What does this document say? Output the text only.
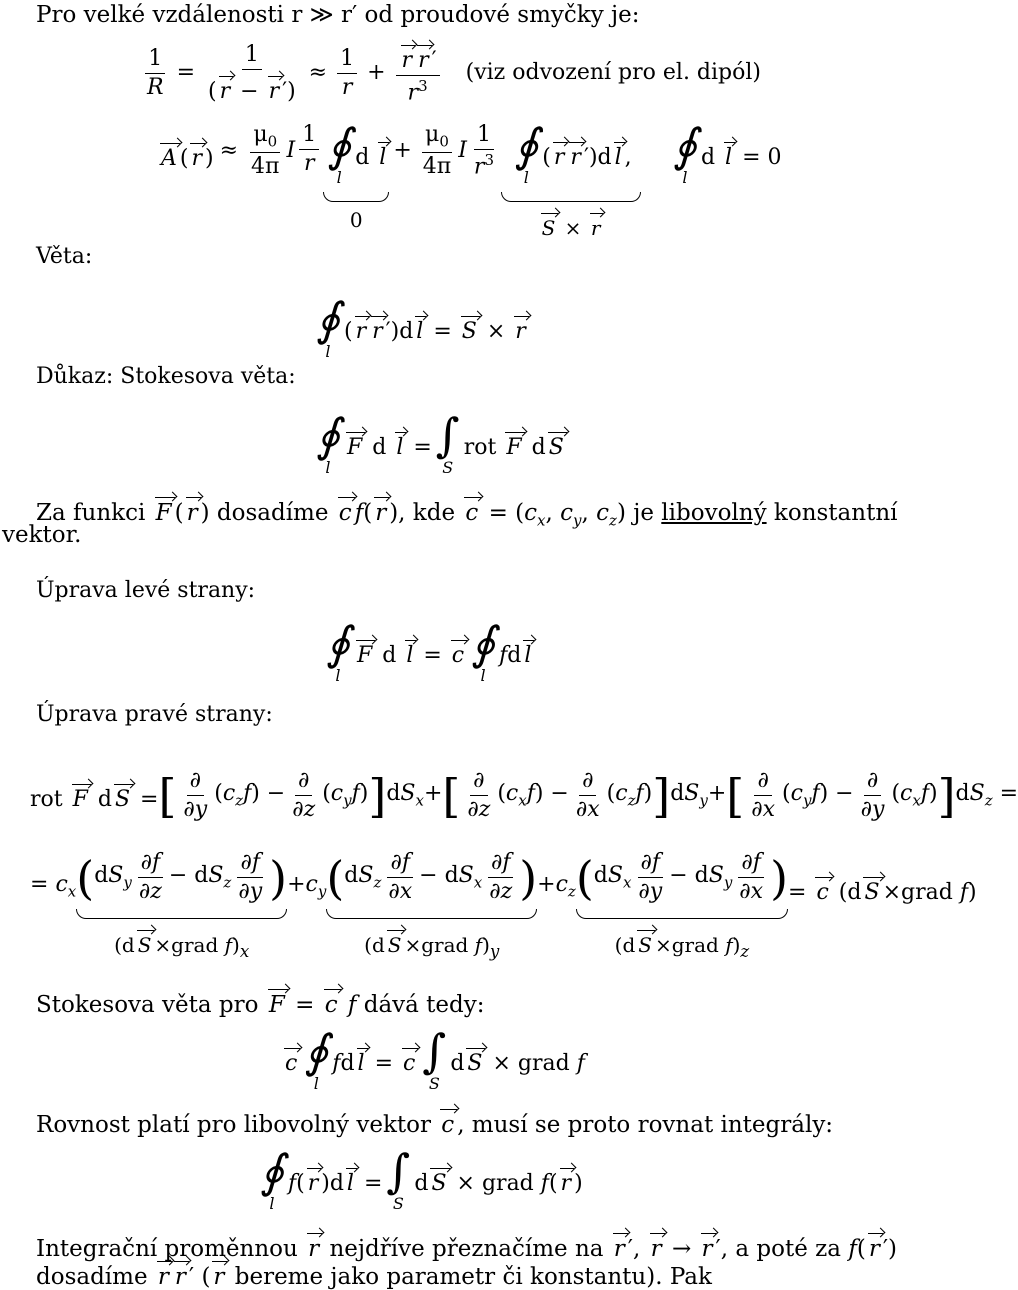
Pro velké vzdálenosti r ≫ r′ od proudové smyčky je:
$\frac{1}{R} = \frac{1}{( r - r ')} \approx \frac{1}{r} + \frac{\text{r r ′}}{r^3} (viz$ odvození pro el. dipól)
A ( r ) ≈ $\frac{\mu_0}{4\pi}$ I $\frac{1}{r}$ ∮
l
d l
0
+ $\frac{\mu_0}{4\pi}$ I $\frac{1}{r^3}$ ∮
l
( r r ′)d l ,
S × r
∮
l
d l = 0
Věta:
∮
l
( r r ′)d l = S × r
Důkaz: Stokesova věta:
∮
l
F d l = ∫
S
rot F d S
Za funkci F ( r ) dosadíme c f( r ), kde $c = (c_x$, $c_y$, $c_z$) je libovolný konstantní
vektor.
Úprava levé strany:
∮
l
F d l = c ∮
l
fd l
Úprava pravé strany:
rot F d S = [ $\frac{\partial}{\partial y} (c_zf) - \frac{\partial}{\partial z} (c_yf)$ ] $dS_x+$ [ $\frac{\partial}{\partial z} (c_xf) - \frac{\partial}{\partial x} (c_zf)$ ] $dS_y+$ [ $\frac{\partial}{\partial x} (c_yf) - \frac{\partial}{\partial y} (c_xf)$ ] $dS_z$ =
= $c_x$ ( $dS_y \frac{\partial f}{\partial z} - dS_z \frac{\partial f}{\partial y}$ )
(d S ×grad $f)_x$
$+c_y$ ( $dS_z \frac{\partial f}{\partial x} - dS_x \frac{\partial f}{\partial z}$ )
(d S ×grad $f)_y$
$+c_z$ ( $dS_x \frac{\partial f}{\partial y} - dS_y \frac{\partial f}{\partial x}$ )
(d S ×grad $f)_z$
= c (d S ×grad f)
Stokesova věta pro F = c f dává tedy:
c ∮
l
fd l = c ∫
S
d S × grad f
Rovnost platí pro libovolný vektor c , musí se proto rovnat integrály:
∮
l
f( r )d l = ∫
S
d S × grad f( r )
Integrační proměnnou r nejdříve přeznačíme na r ′, r → r ′, a poté za f( r ′)
dosadíme r r ′ ( r bereme jako parametr či konstantu). Pak
